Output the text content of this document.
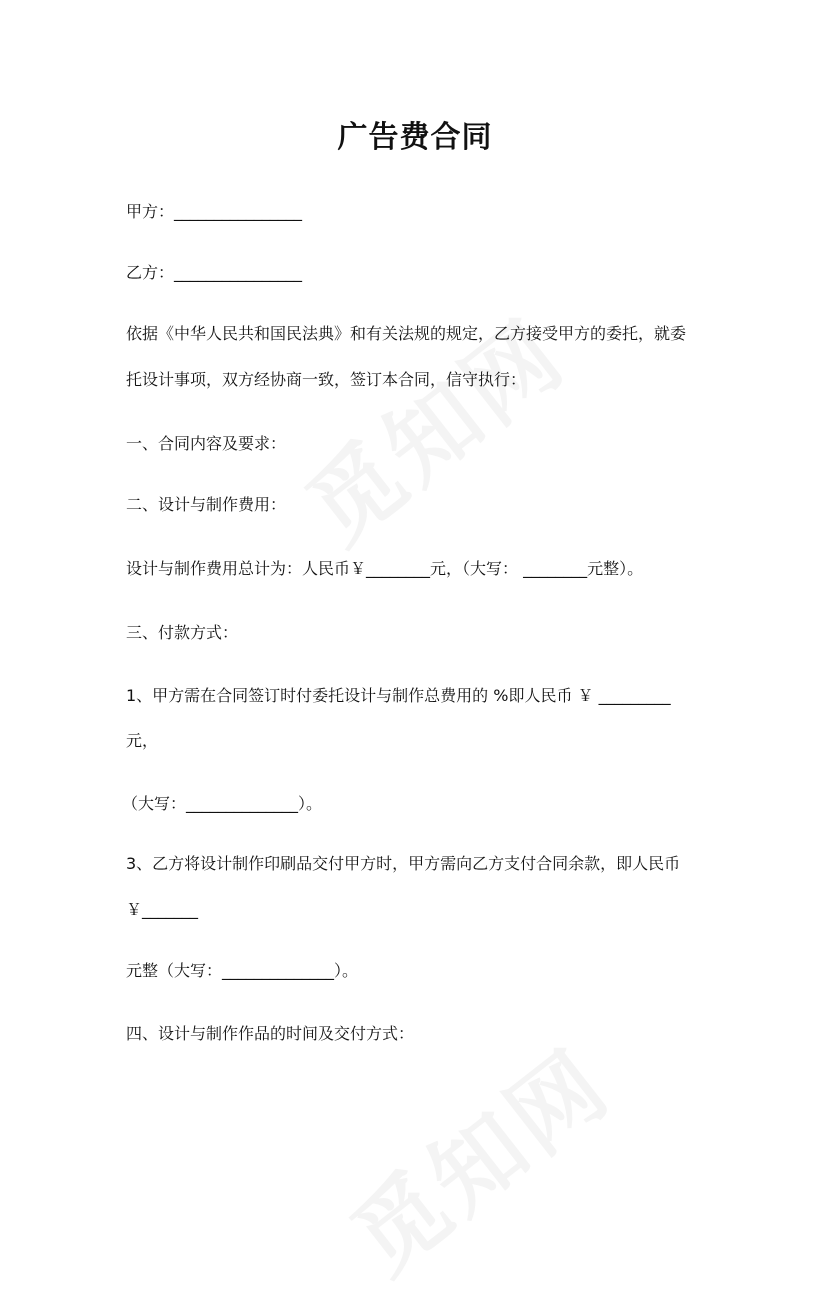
广告费合同
甲方：________________
乙方：________________
依据《中华人民共和国民法典》和有关法规的规定，乙方接受甲方的委托，就委
托设计事项，双方经协商一致，签订本合同，信守执行：
一、合同内容及要求：
二、设计与制作费用：
设计与制作费用总计为：人民币￥________元，（大写： ________元整）。
三、付款方式：
1、甲方需在合同签订时付委托设计与制作总费用的 %即人民币 ￥ _________
元，
（大写：______________）。
3、乙方将设计制作印刷品交付甲方时，甲方需向乙方支付合同余款，即人民币
￥_______
元整（大写：______________）。
四、设计与制作作品的时间及交付方式：
